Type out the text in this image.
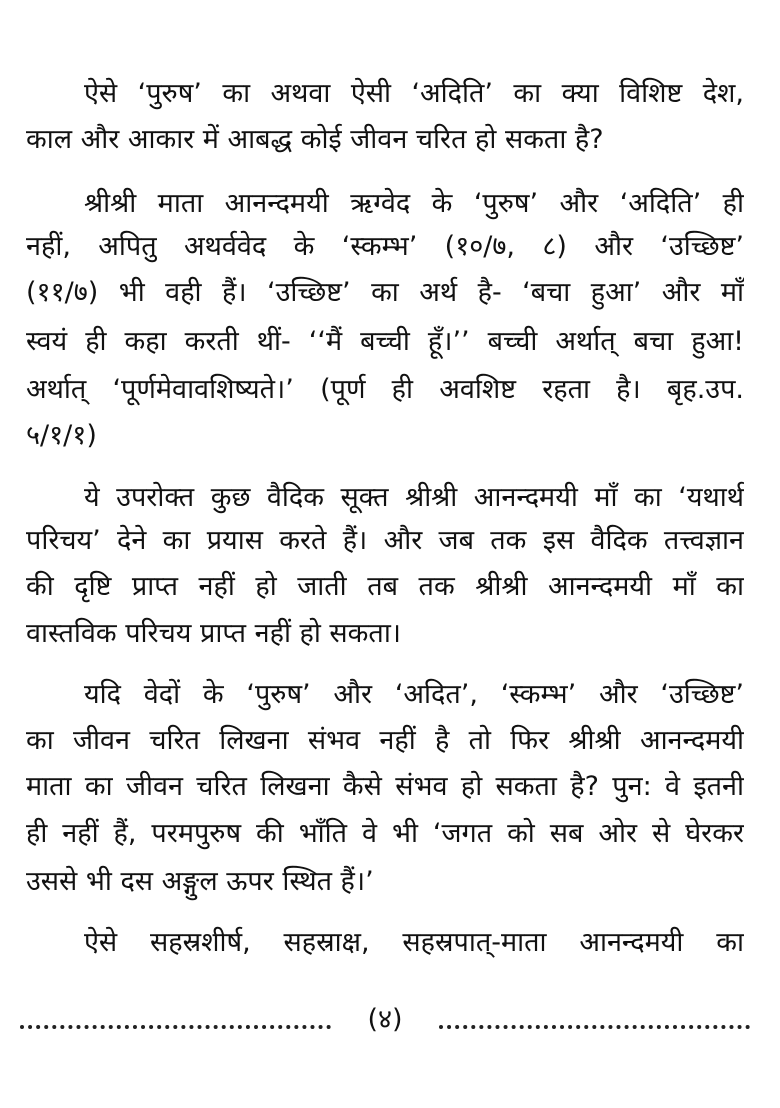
ऐसे ‘पुरुष’ का अथवा ऐसी ‘अदिति’ का क्या विशिष्ट देश,
काल और आकार में आबद्ध कोई जीवन चरित हो सकता है?
श्रीश्री माता आनन्दमयी ऋग्वेद के ‘पुरुष’ और ‘अदिति’ ही
नहीं, अपितु अथर्ववेद के ‘स्कम्भ’ (१०/७, ८) और ‘उच्छिष्ट’
(११/७) भी वही हैं। ‘उच्छिष्ट’ का अर्थ है- ‘बचा हुआ’ और माँ
स्वयं ही कहा करती थीं- ‘‘मैं बच्ची हूँ।’’ बच्ची अर्थात् बचा हुआ!
अर्थात् ‘पूर्णमेवावशिष्यते।’ (पूर्ण ही अवशिष्ट रहता है। बृह.उप.
५/१/१)
ये उपरोक्त कुछ वैदिक सूक्त श्रीश्री आनन्दमयी माँ का ‘यथार्थ
परिचय’ देने का प्रयास करते हैं। और जब तक इस वैदिक तत्त्वज्ञान
की दृष्टि प्राप्त नहीं हो जाती तब तक श्रीश्री आनन्दमयी माँ का
वास्तविक परिचय प्राप्त नहीं हो सकता।
यदि वेदों के ‘पुरुष’ और ‘अदित’, ‘स्कम्भ’ और ‘उच्छिष्ट’
का जीवन चरित लिखना संभव नहीं है तो फिर श्रीश्री आनन्दमयी
माता का जीवन चरित लिखना कैसे संभव हो सकता है? पुन: वे इतनी
ही नहीं हैं, परमपुरुष की भाँति वे भी ‘जगत को सब ओर से घेरकर
उससे भी दस अङ्गुल ऊपर स्थित हैं।’
ऐसे सहस्रशीर्ष, सहस्राक्ष, सहस्रपात्-माता आनन्दमयी का
(४)
